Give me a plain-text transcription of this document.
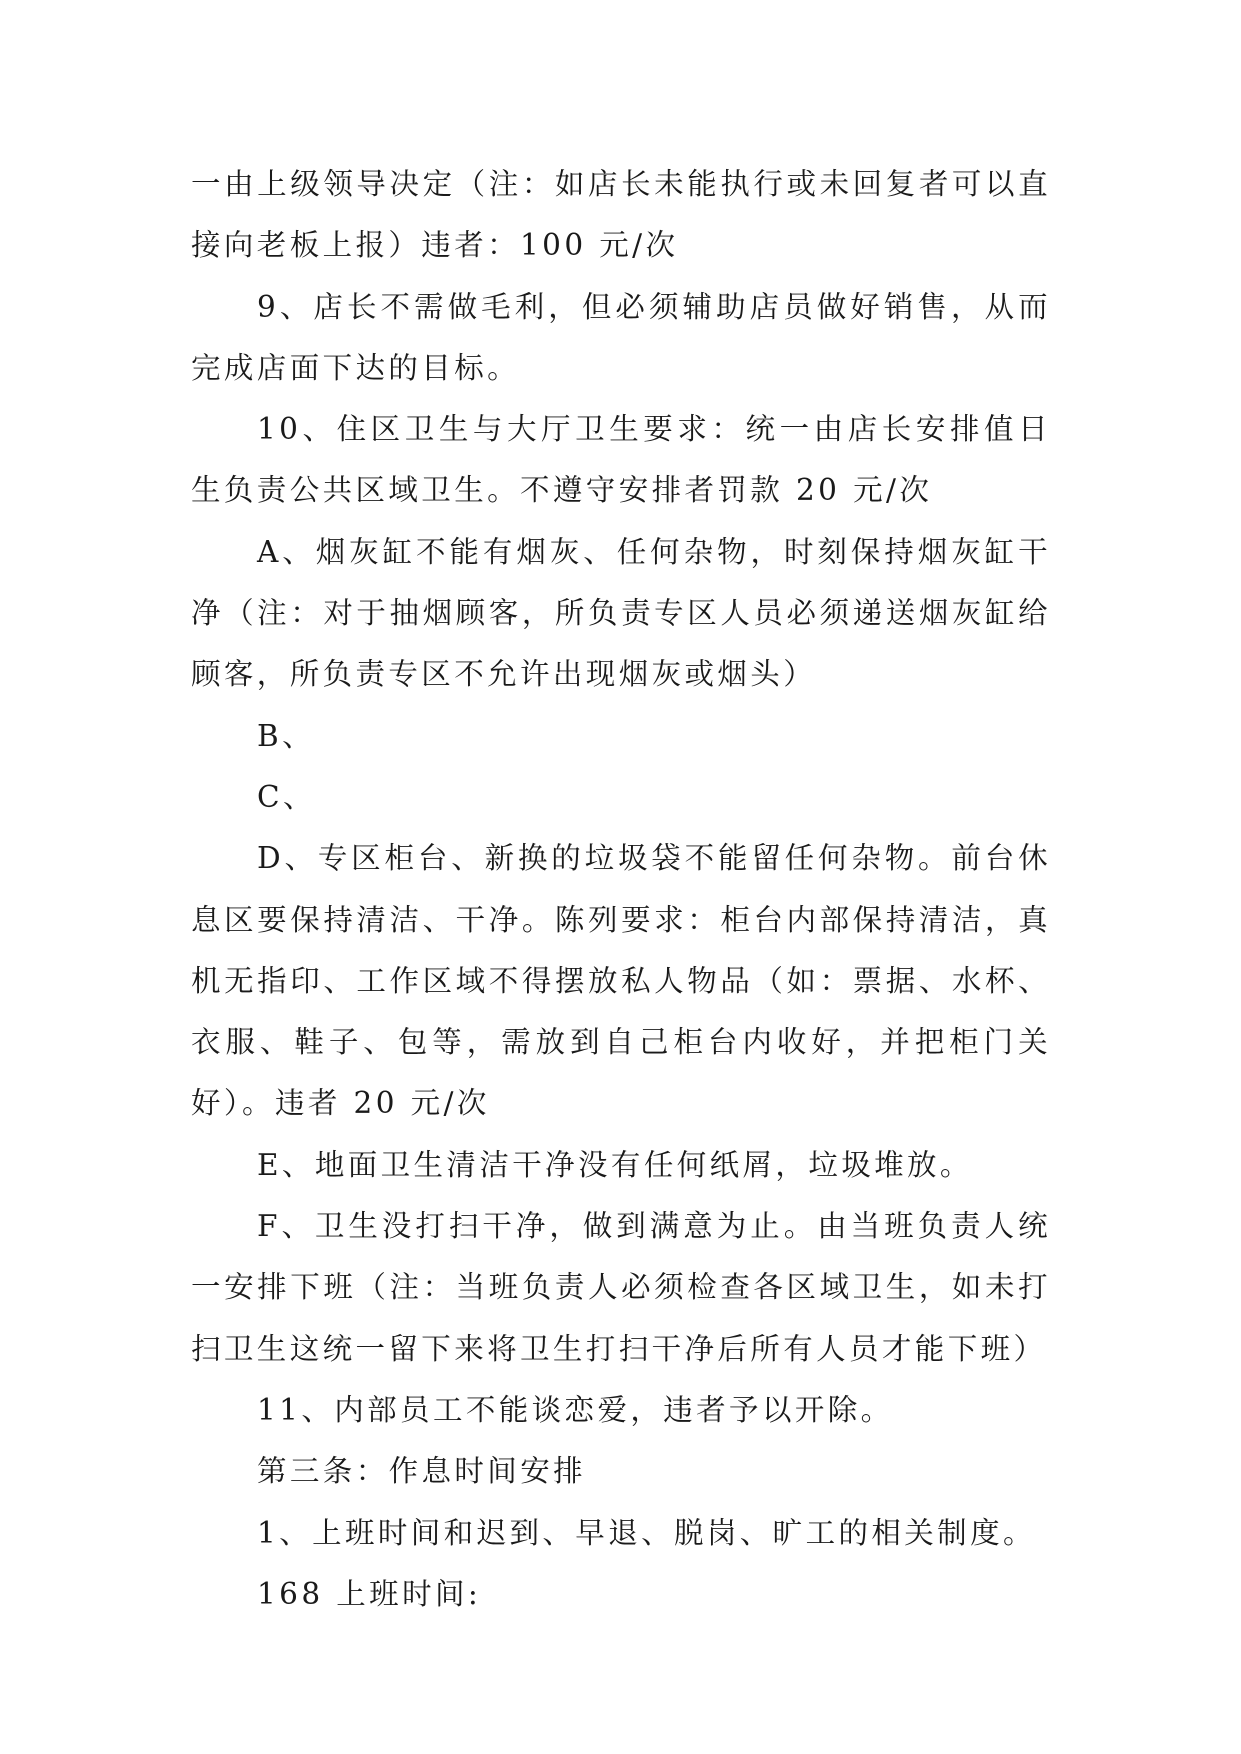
一由上级领导决定（注：如店长未能执行或未回复者可以直接向老板上报）违者：100 元/次

9、店长不需做毛利，但必须辅助店员做好销售，从而完成店面下达的目标。

10、住区卫生与大厅卫生要求：统一由店长安排值日生负责公共区域卫生。不遵守安排者罚款 20 元/次

A、烟灰缸不能有烟灰、任何杂物，时刻保持烟灰缸干净（注：对于抽烟顾客，所负责专区人员必须递送烟灰缸给顾客，所负责专区不允许出现烟灰或烟头）

B、

C、

D、专区柜台、新换的垃圾袋不能留任何杂物。前台休息区要保持清洁、干净。陈列要求：柜台内部保持清洁，真机无指印、工作区域不得摆放私人物品（如：票据、水杯、衣服、鞋子、包等，需放到自己柜台内收好，并把柜门关好）。违者 20 元/次

E、地面卫生清洁干净没有任何纸屑，垃圾堆放。

F、卫生没打扫干净，做到满意为止。由当班负责人统一安排下班（注：当班负责人必须检查各区域卫生，如未打扫卫生这统一留下来将卫生打扫干净后所有人员才能下班）

11、内部员工不能谈恋爱，违者予以开除。

第三条：作息时间安排

1、上班时间和迟到、早退、脱岗、旷工的相关制度。

168 上班时间:
